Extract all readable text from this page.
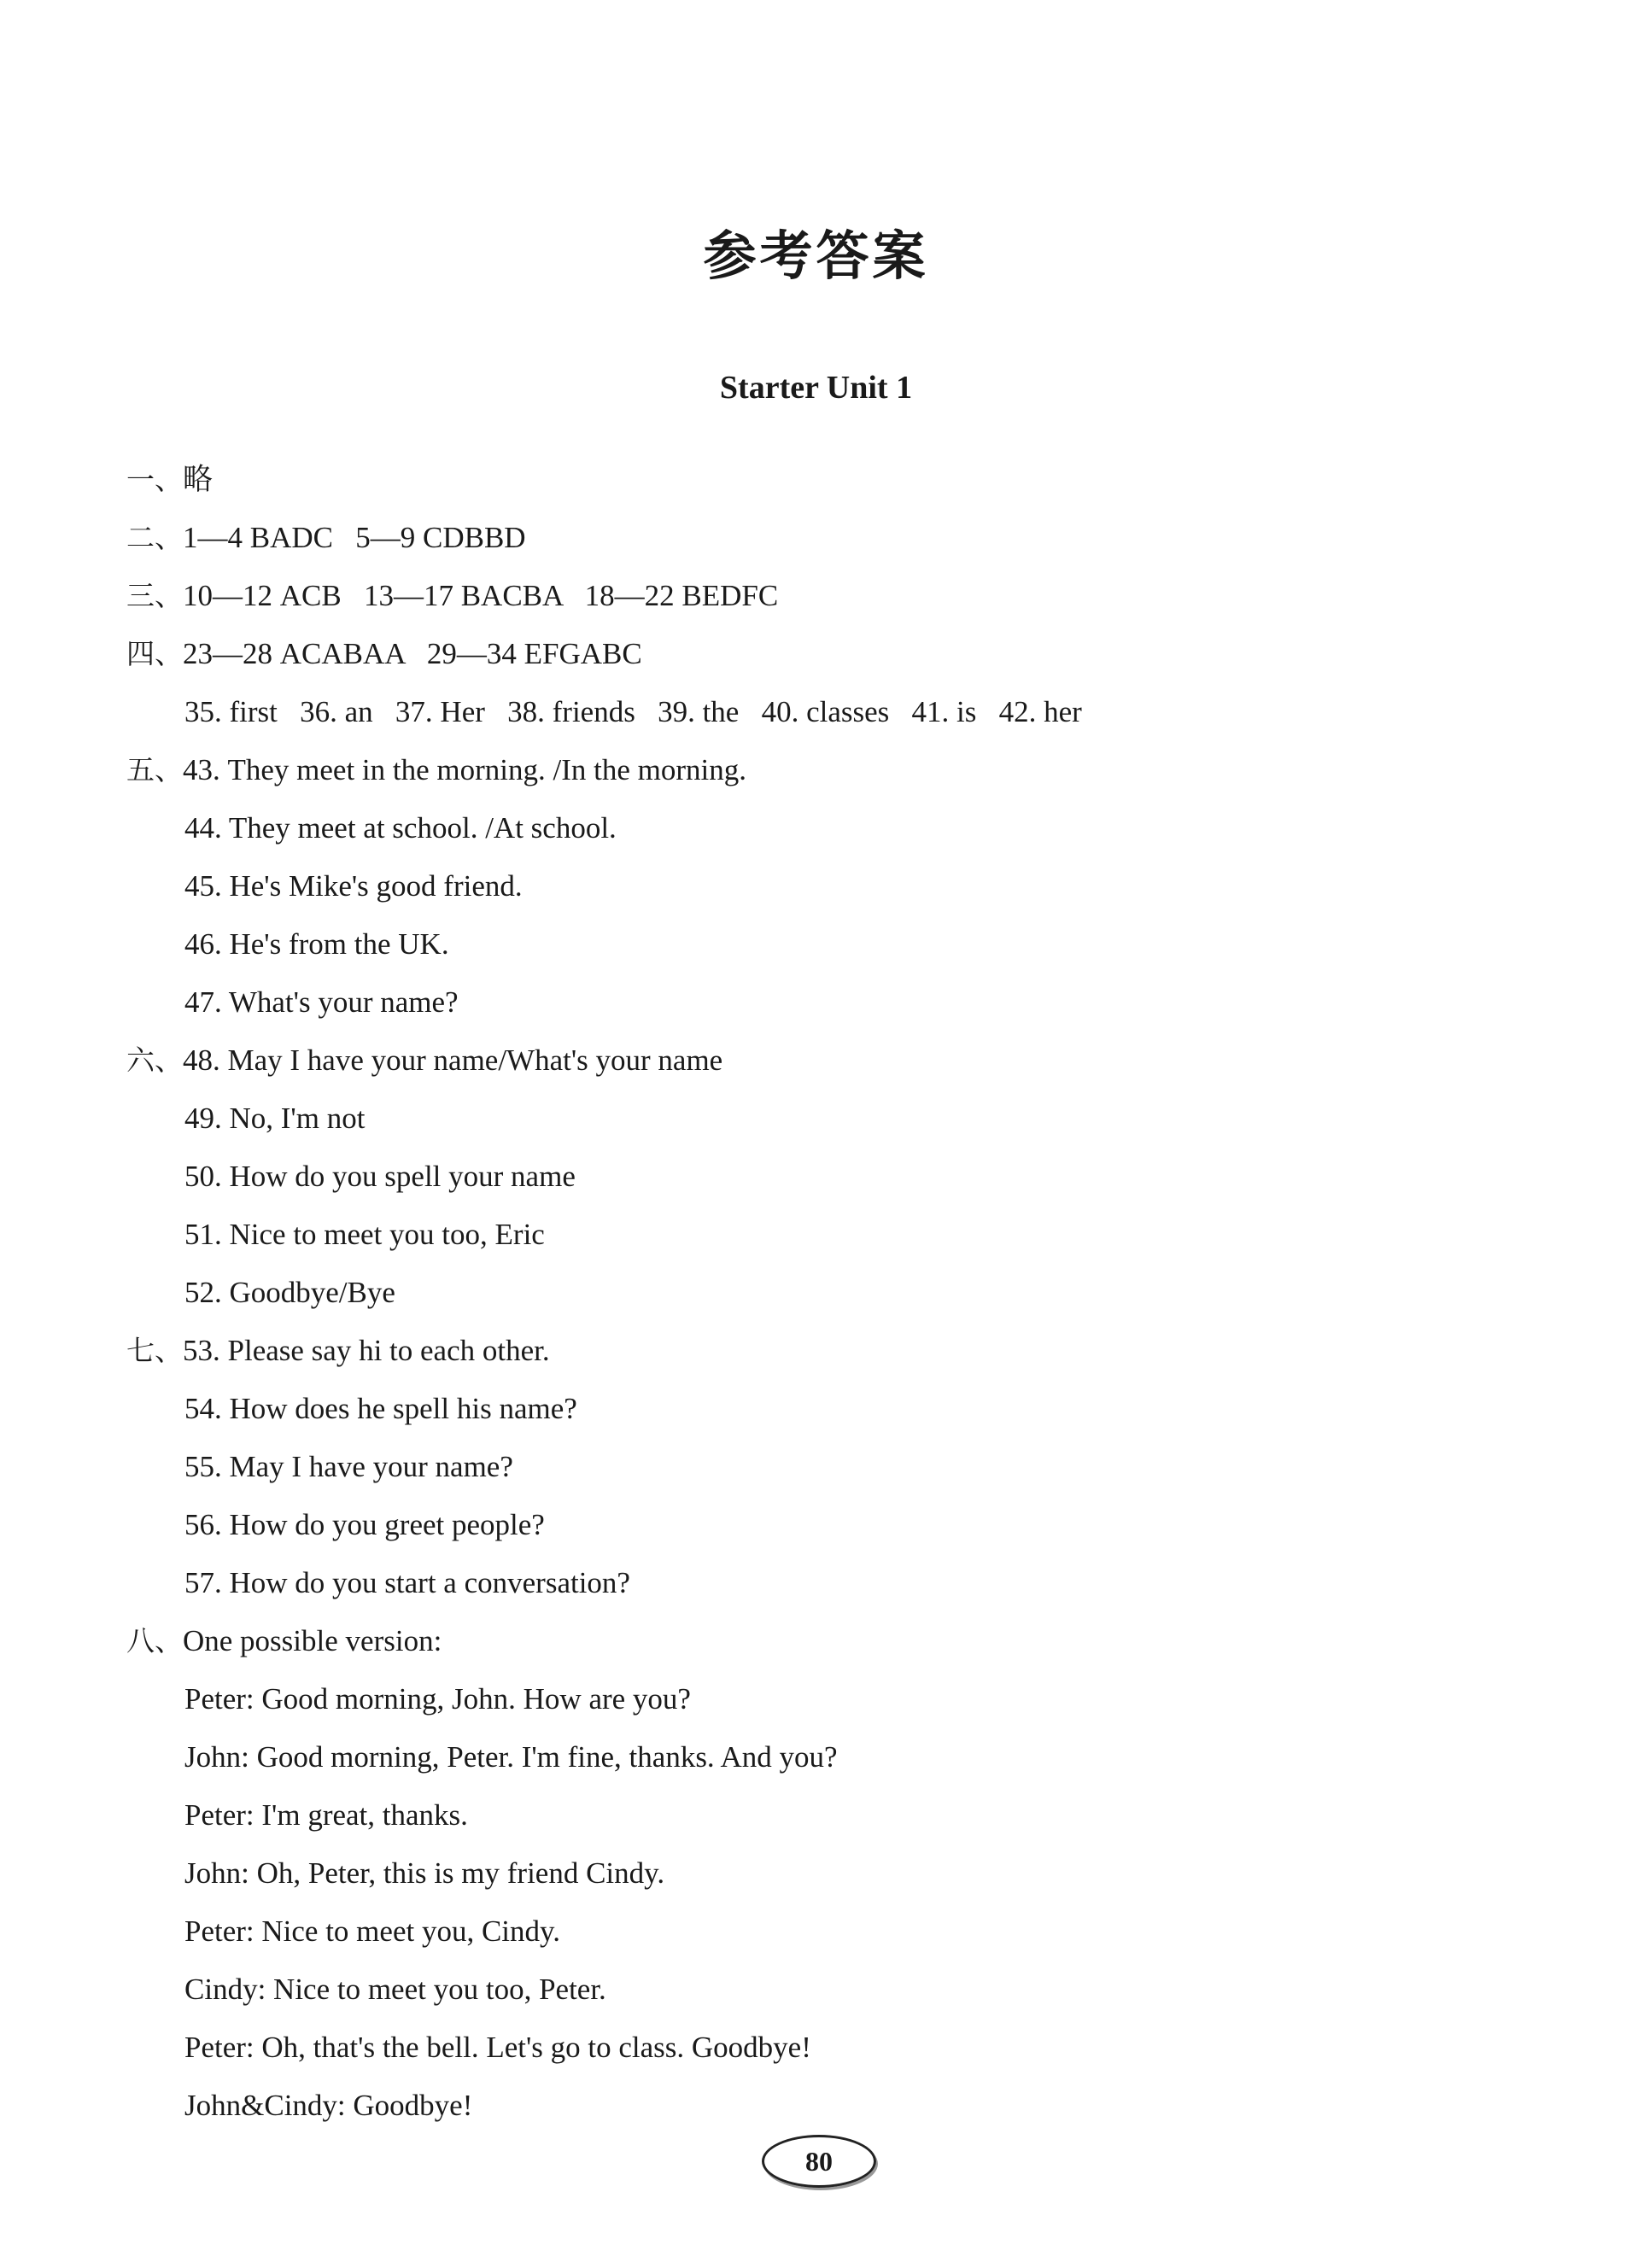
参考答案
Starter Unit 1
一、略
二、1—4 BADC   5—9 CDBBD
三、10—12 ACB   13—17 BACBA   18—22 BEDFC
四、23—28 ACABAA   29—34 EFGABC
35. first   36. an   37. Her   38. friends   39. the   40. classes   41. is   42. her
五、43. They meet in the morning. /In the morning.
44. They meet at school. /At school.
45. He's Mike's good friend.
46. He's from the UK.
47. What's your name?
六、48. May I have your name/What's your name
49. No, I'm not
50. How do you spell your name
51. Nice to meet you too, Eric
52. Goodbye/Bye
七、53. Please say hi to each other.
54. How does he spell his name?
55. May I have your name?
56. How do you greet people?
57. How do you start a conversation?
八、One possible version:
Peter: Good morning, John. How are you?
John: Good morning, Peter. I'm fine, thanks. And you?
Peter: I'm great, thanks.
John: Oh, Peter, this is my friend Cindy.
Peter: Nice to meet you, Cindy.
Cindy: Nice to meet you too, Peter.
Peter: Oh, that's the bell. Let's go to class. Goodbye!
John&Cindy: Goodbye!
80
